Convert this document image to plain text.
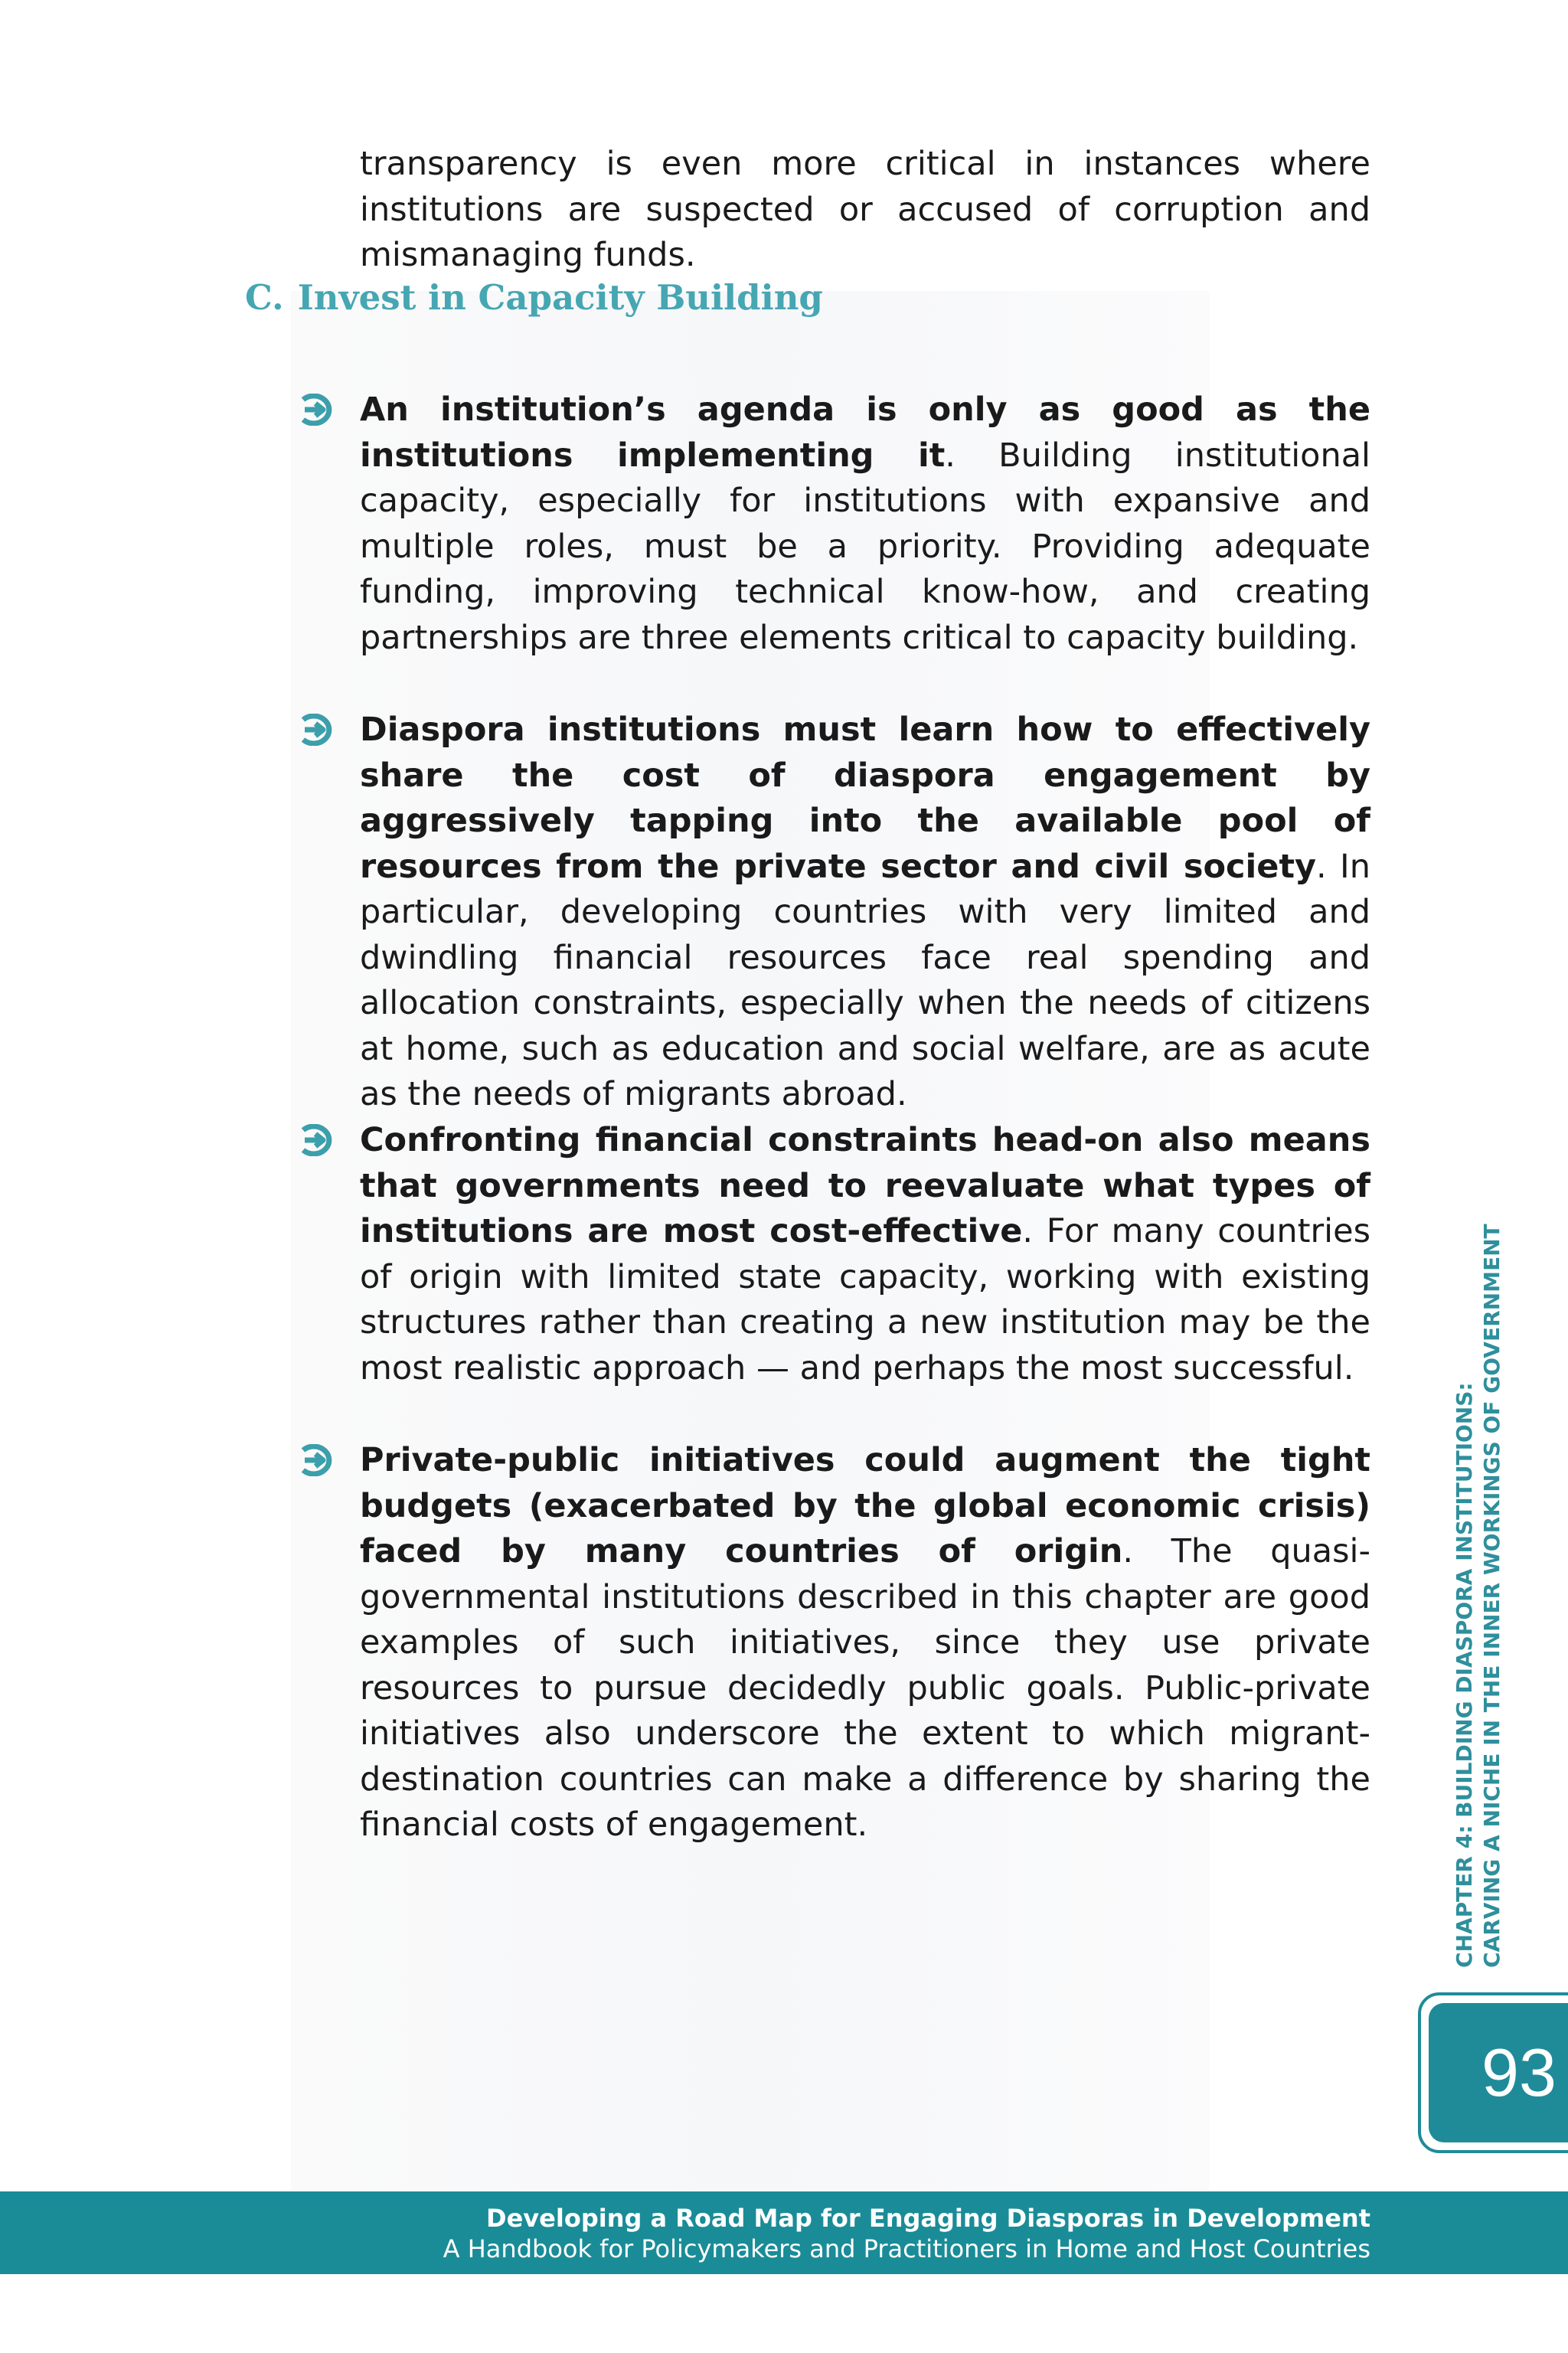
transparency is even more critical in instances where institutions are suspected or accused of corruption and mismanaging funds.

C. Invest in Capacity Building

An institution’s agenda is only as good as the institutions implementing it. Building institutional capacity, especially for institutions with expansive and multiple roles, must be a priority. Providing adequate funding, improving technical know-how, and creating partnerships are three elements critical to capacity building.

Diaspora institutions must learn how to effectively share the cost of diaspora engagement by aggressively tapping into the available pool of resources from the private sector and civil society. In particular, developing countries with very limited and dwindling financial resources face real spending and allocation constraints, especially when the needs of citizens at home, such as education and social welfare, are as acute as the needs of migrants abroad.

Confronting financial constraints head-on also means that governments need to reevaluate what types of institutions are most cost-effective. For many countries of origin with limited state capacity, working with existing structures rather than creating a new institution may be the most realistic approach — and perhaps the most successful.

Private-public initiatives could augment the tight budgets (exacerbated by the global economic crisis) faced by many countries of origin. The quasi-governmental institutions described in this chapter are good examples of such initiatives, since they use private resources to pursue decidedly public goals. Public-private initiatives also underscore the extent to which migrant-destination countries can make a difference by sharing the financial costs of engagement.	CHAPTER 4: BUILDING DIASPORA INSTITUTIONS: CARVING A NICHE IN THE INNER WORKINGS OF GOVERNMENT
93
Developing a Road Map for Engaging Diasporas in Development
A Handbook for Policymakers and Practitioners in Home and Host Countries
